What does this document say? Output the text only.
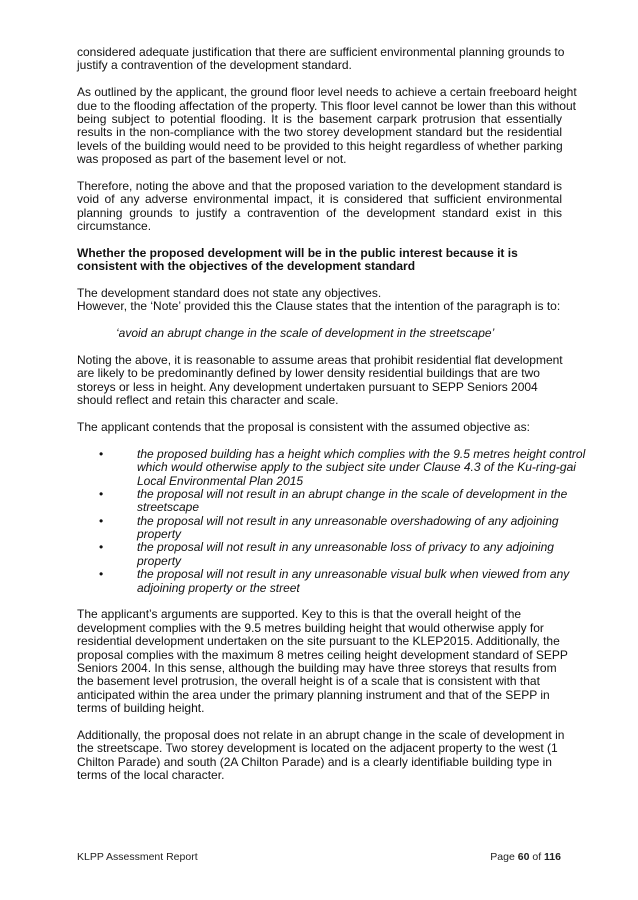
considered adequate justification that there are sufficient environmental planning grounds to
justify a contravention of the development standard.
As outlined by the applicant, the ground floor level needs to achieve a certain freeboard height
due to the flooding affectation of the property. This floor level cannot be lower than this without
being subject to potential flooding. It is the basement carpark protrusion that essentially
results in the non-compliance with the two storey development standard but the residential
levels of the building would need to be provided to this height regardless of whether parking
was proposed as part of the basement level or not.
Therefore, noting the above and that the proposed variation to the development standard is
void of any adverse environmental impact, it is considered that sufficient environmental
planning grounds to justify a contravention of the development standard exist in this
circumstance.
Whether the proposed development will be in the public interest because it is
consistent with the objectives of the development standard
The development standard does not state any objectives.
However, the ‘Note’ provided this the Clause states that the intention of the paragraph is to:
‘avoid an abrupt change in the scale of development in the streetscape’
Noting the above, it is reasonable to assume areas that prohibit residential flat development
are likely to be predominantly defined by lower density residential buildings that are two
storeys or less in height. Any development undertaken pursuant to SEPP Seniors 2004
should reflect and retain this character and scale.
The applicant contends that the proposal is consistent with the assumed objective as:
•	the proposed building has a height which complies with the 9.5 metres height control
which would otherwise apply to the subject site under Clause 4.3 of the Ku-ring-gai
Local Environmental Plan 2015
•	the proposal will not result in an abrupt change in the scale of development in the
streetscape
•	the proposal will not result in any unreasonable overshadowing of any adjoining
property
•	the proposal will not result in any unreasonable loss of privacy to any adjoining
property
•	the proposal will not result in any unreasonable visual bulk when viewed from any
adjoining property or the street
The applicant’s arguments are supported. Key to this is that the overall height of the
development complies with the 9.5 metres building height that would otherwise apply for
residential development undertaken on the site pursuant to the KLEP2015. Additionally, the
proposal complies with the maximum 8 metres ceiling height development standard of SEPP
Seniors 2004. In this sense, although the building may have three storeys that results from
the basement level protrusion, the overall height is of a scale that is consistent with that
anticipated within the area under the primary planning instrument and that of the SEPP in
terms of building height.
Additionally, the proposal does not relate in an abrupt change in the scale of development in
the streetscape. Two storey development is located on the adjacent property to the west (1
Chilton Parade) and south (2A Chilton Parade) and is a clearly identifiable building type in
terms of the local character.
KLPP Assessment Report	Page 60 of 116
